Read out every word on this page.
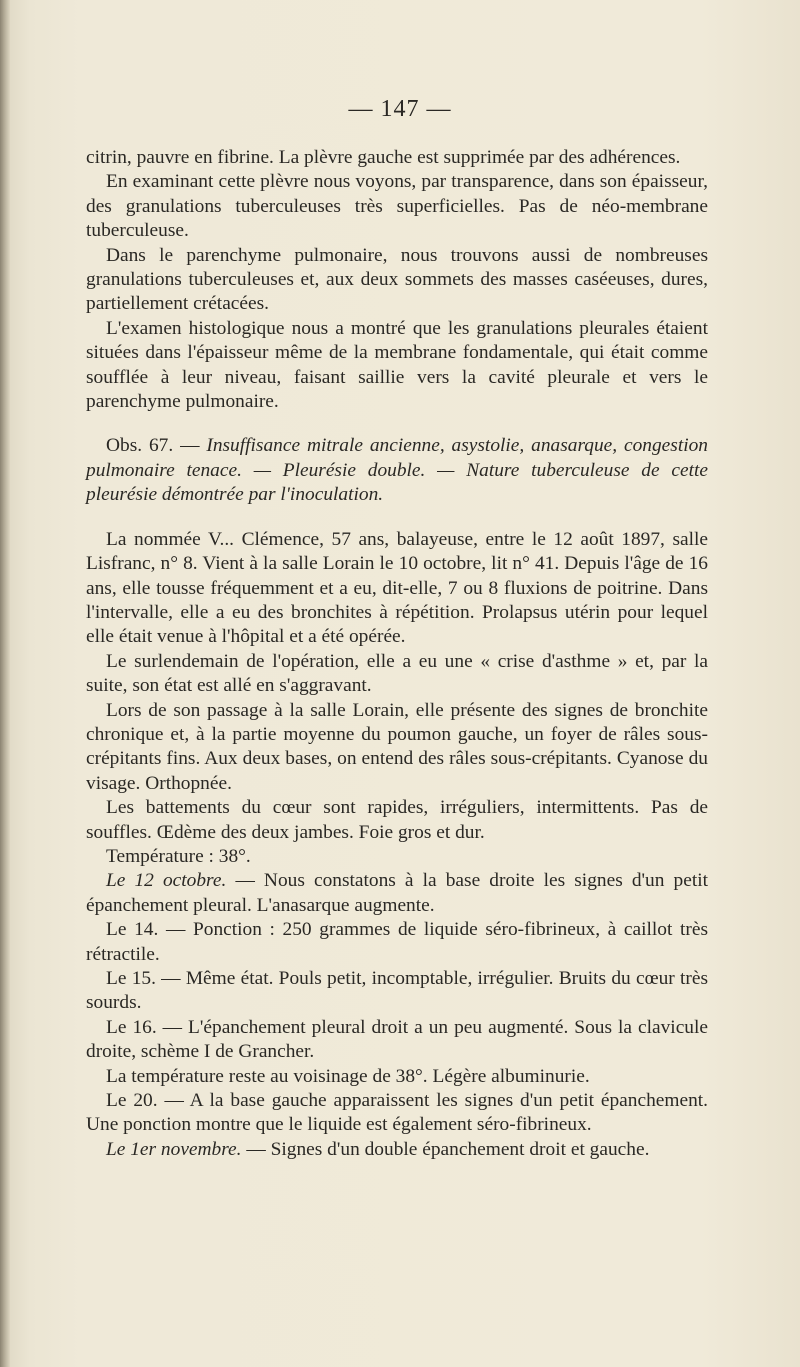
— 147 —

citrin, pauvre en fibrine. La plèvre gauche est supprimée par des adhérences.

En examinant cette plèvre nous voyons, par transparence, dans son épaisseur, des granulations tuberculeuses très superficielles. Pas de néo-membrane tuberculeuse.

Dans le parenchyme pulmonaire, nous trouvons aussi de nombreuses granulations tuberculeuses et, aux deux sommets des masses caséeuses, dures, partiellement crétacées.

L'examen histologique nous a montré que les granulations pleurales étaient situées dans l'épaisseur même de la membrane fondamentale, qui était comme soufflée à leur niveau, faisant saillie vers la cavité pleurale et vers le parenchyme pulmonaire.

Obs. 67. — Insuffisance mitrale ancienne, asystolie, anasarque, congestion pulmonaire tenace. — Pleurésie double. — Nature tuberculeuse de cette pleurésie démontrée par l'inoculation.

La nommée V... Clémence, 57 ans, balayeuse, entre le 12 août 1897, salle Lisfranc, n° 8. Vient à la salle Lorain le 10 octobre, lit n° 41. Depuis l'âge de 16 ans, elle tousse fréquemment et a eu, dit-elle, 7 ou 8 fluxions de poitrine. Dans l'intervalle, elle a eu des bronchites à répétition. Prolapsus utérin pour lequel elle était venue à l'hôpital et a été opérée.

Le surlendemain de l'opération, elle a eu une « crise d'asthme » et, par la suite, son état est allé en s'aggravant.

Lors de son passage à la salle Lorain, elle présente des signes de bronchite chronique et, à la partie moyenne du poumon gauche, un foyer de râles sous-crépitants fins. Aux deux bases, on entend des râles sous-crépitants. Cyanose du visage. Orthopnée.

Les battements du cœur sont rapides, irréguliers, intermittents. Pas de souffles. Œdème des deux jambes. Foie gros et dur.

Température : 38°.

Le 12 octobre. — Nous constatons à la base droite les signes d'un petit épanchement pleural. L'anasarque augmente.

Le 14. — Ponction : 250 grammes de liquide séro-fibrineux, à caillot très rétractile.

Le 15. — Même état. Pouls petit, incomptable, irrégulier. Bruits du cœur très sourds.

Le 16. — L'épanchement pleural droit a un peu augmenté. Sous la clavicule droite, schème I de Grancher.

La température reste au voisinage de 38°. Légère albuminurie.

Le 20. — A la base gauche apparaissent les signes d'un petit épanchement. Une ponction montre que le liquide est également séro-fibrineux.

Le 1er novembre. — Signes d'un double épanchement droit et gauche.
